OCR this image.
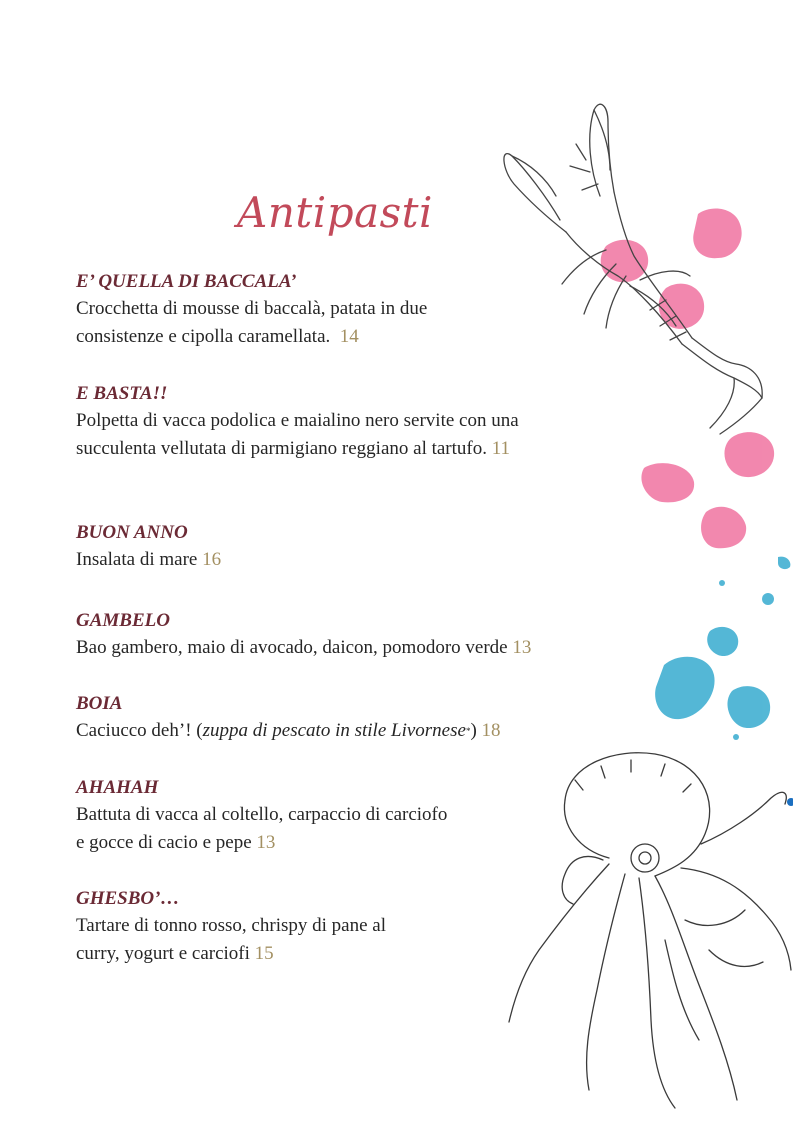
Antipasti
E’ QUELLA DI BACCALA’
Crocchetta di mousse di baccalà, patata in due
consistenze e cipolla caramellata. 14
E BASTA!!
Polpetta di vacca podolica e maialino nero servite con una
succulenta vellutata di parmigiano reggiano al tartufo. 11
BUON ANNO
Insalata di mare 16
GAMBELO
Bao gambero, maio di avocado, daicon, pomodoro verde 13
BOIA
Caciucco deh’! (zuppa di pescato in stile Livornese*) 18
AHAHAH
Battuta di vacca al coltello, carpaccio di carciofo
e gocce di cacio e pepe 13
GHESBO’…
Tartare di tonno rosso, chrispy di pane al
curry, yogurt e carciofi 15
